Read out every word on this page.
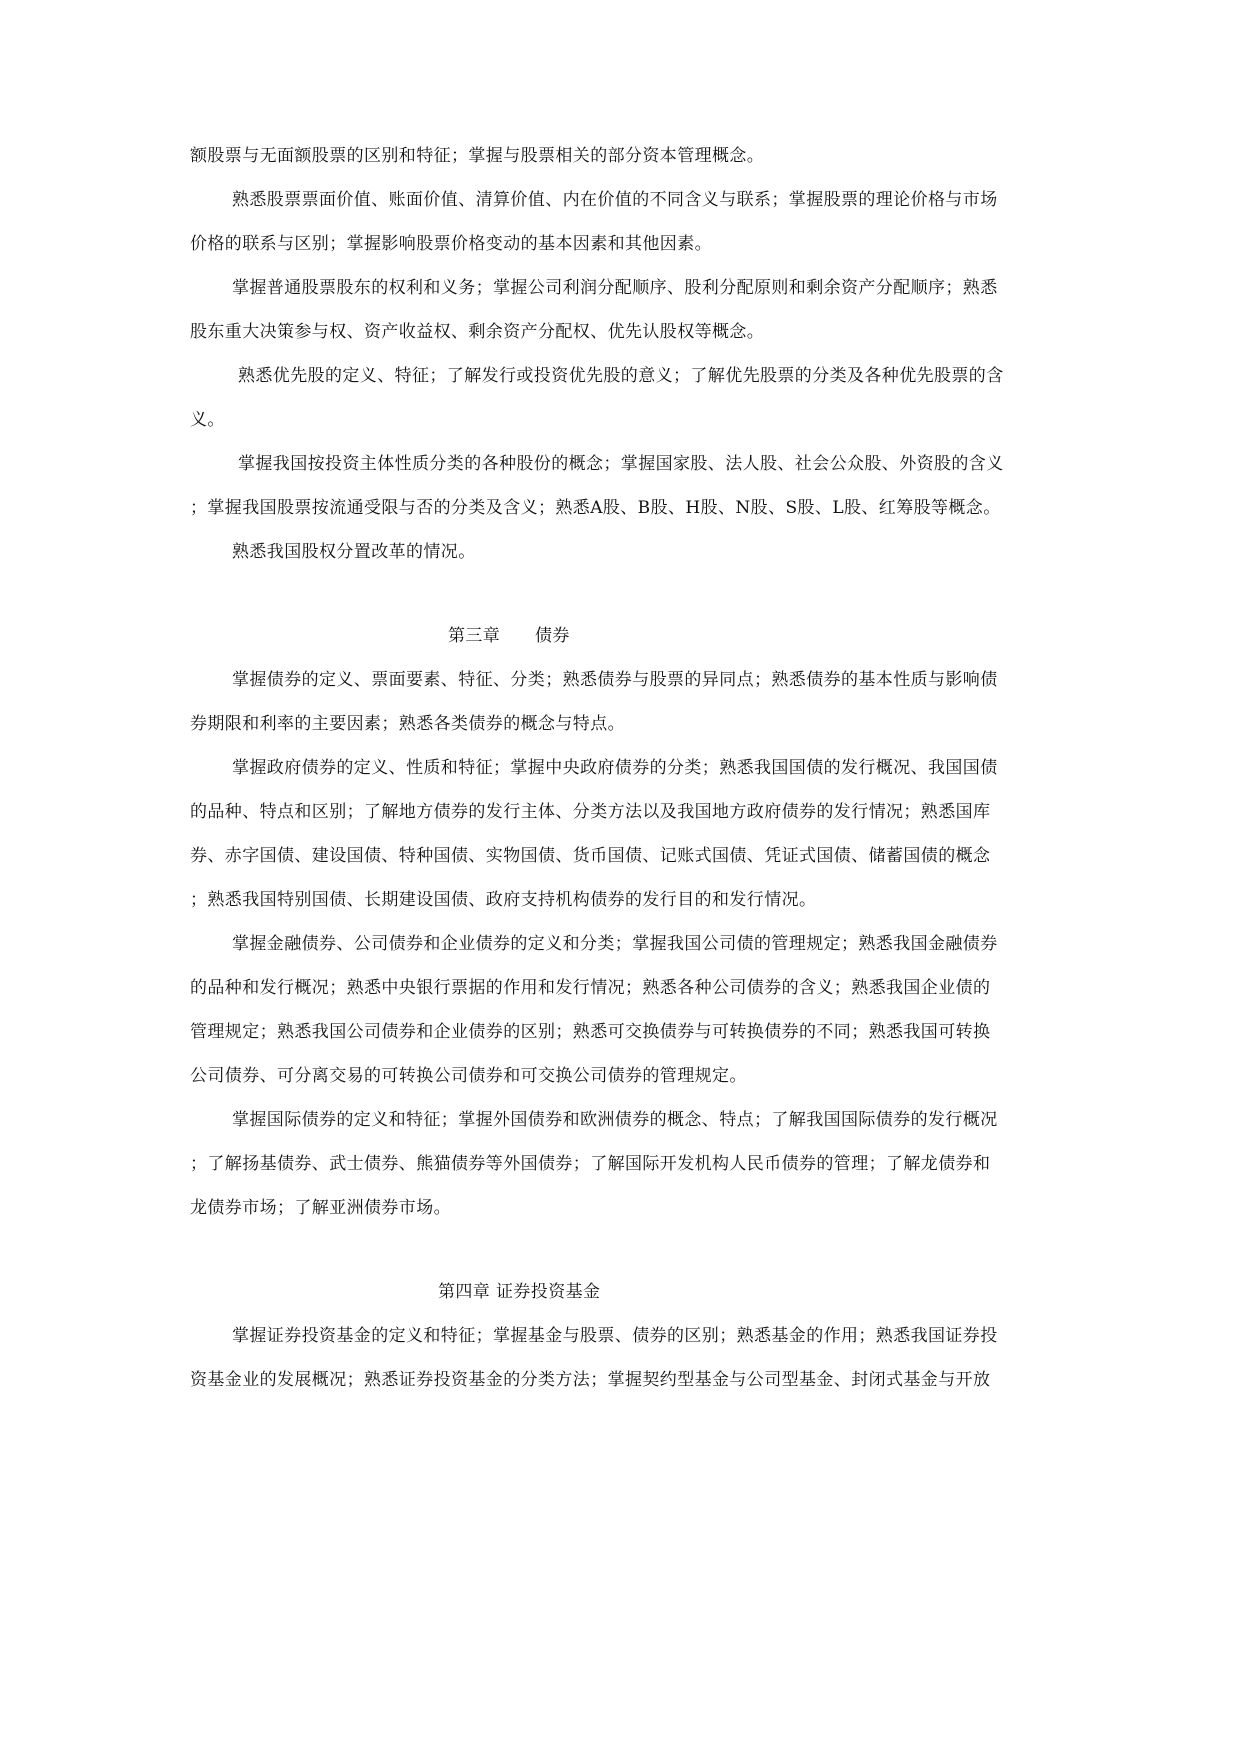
额股票与无面额股票的区别和特征；掌握与股票相关的部分资本管理概念。
熟悉股票票面价值、账面价值、清算价值、内在价值的不同含义与联系；掌握股票的理论价格与市场
价格的联系与区别；掌握影响股票价格变动的基本因素和其他因素。
掌握普通股票股东的权利和义务；掌握公司利润分配顺序、股利分配原则和剩余资产分配顺序；熟悉
股东重大决策参与权、资产收益权、剩余资产分配权、优先认股权等概念。
熟悉优先股的定义、特征；了解发行或投资优先股的意义；了解优先股票的分类及各种优先股票的含
义。
掌握我国按投资主体性质分类的各种股份的概念；掌握国家股、法人股、社会公众股、外资股的含义
；掌握我国股票按流通受限与否的分类及含义；熟悉A股、B股、H股、N股、S股、L股、红筹股等概念。
熟悉我国股权分置改革的情况。
第三章　　债券
掌握债券的定义、票面要素、特征、分类；熟悉债券与股票的异同点；熟悉债券的基本性质与影响债
券期限和利率的主要因素；熟悉各类债券的概念与特点。
掌握政府债券的定义、性质和特征；掌握中央政府债券的分类；熟悉我国国债的发行概况、我国国债
的品种、特点和区别；了解地方债券的发行主体、分类方法以及我国地方政府债券的发行情况；熟悉国库
券、赤字国债、建设国债、特种国债、实物国债、货币国债、记账式国债、凭证式国债、储蓄国债的概念
；熟悉我国特别国债、长期建设国债、政府支持机构债券的发行目的和发行情况。
掌握金融债券、公司债券和企业债券的定义和分类；掌握我国公司债的管理规定；熟悉我国金融债券
的品种和发行概况；熟悉中央银行票据的作用和发行情况；熟悉各种公司债券的含义；熟悉我国企业债的
管理规定；熟悉我国公司债券和企业债券的区别；熟悉可交换债券与可转换债券的不同；熟悉我国可转换
公司债券、可分离交易的可转换公司债券和可交换公司债券的管理规定。
掌握国际债券的定义和特征；掌握外国债券和欧洲债券的概念、特点；了解我国国际债券的发行概况
；了解扬基债券、武士债券、熊猫债券等外国债券；了解国际开发机构人民币债券的管理；了解龙债券和
龙债券市场；了解亚洲债券市场。
第四章 证券投资基金
掌握证券投资基金的定义和特征；掌握基金与股票、债券的区别；熟悉基金的作用；熟悉我国证券投
资基金业的发展概况；熟悉证券投资基金的分类方法；掌握契约型基金与公司型基金、封闭式基金与开放
